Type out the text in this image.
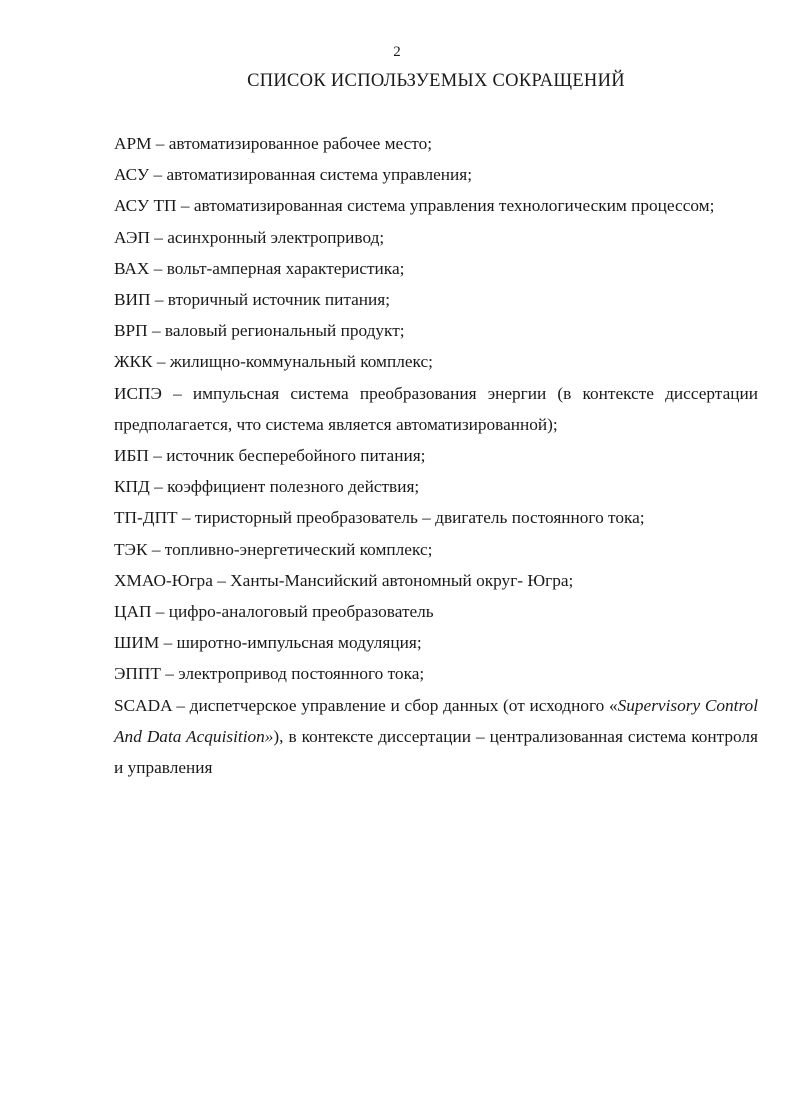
2
СПИСОК ИСПОЛЬЗУЕМЫХ СОКРАЩЕНИЙ
АРМ – автоматизированное рабочее место;
АСУ – автоматизированная система управления;
АСУ ТП – автоматизированная система управления технологическим процессом;
АЭП – асинхронный электропривод;
ВАХ – вольт-амперная характеристика;
ВИП – вторичный источник питания;
ВРП – валовый региональный продукт;
ЖКК – жилищно-коммунальный комплекс;
ИСПЭ – импульсная система преобразования энергии (в контексте диссертации предполагается, что система является автоматизированной);
ИБП – источник бесперебойного питания;
КПД – коэффициент полезного действия;
ТП-ДПТ – тиристорный преобразователь – двигатель постоянного тока;
ТЭК – топливно-энергетический комплекс;
ХМАО-Югра – Ханты-Мансийский автономный округ- Югра;
ЦАП – цифро-аналоговый преобразователь
ШИМ – широтно-импульсная модуляция;
ЭППТ – электропривод постоянного тока;
SCADA – диспетчерское управление и сбор данных (от исходного «Supervisory Control And Data Acquisition»), в контексте диссертации – централизованная система контроля и управления
